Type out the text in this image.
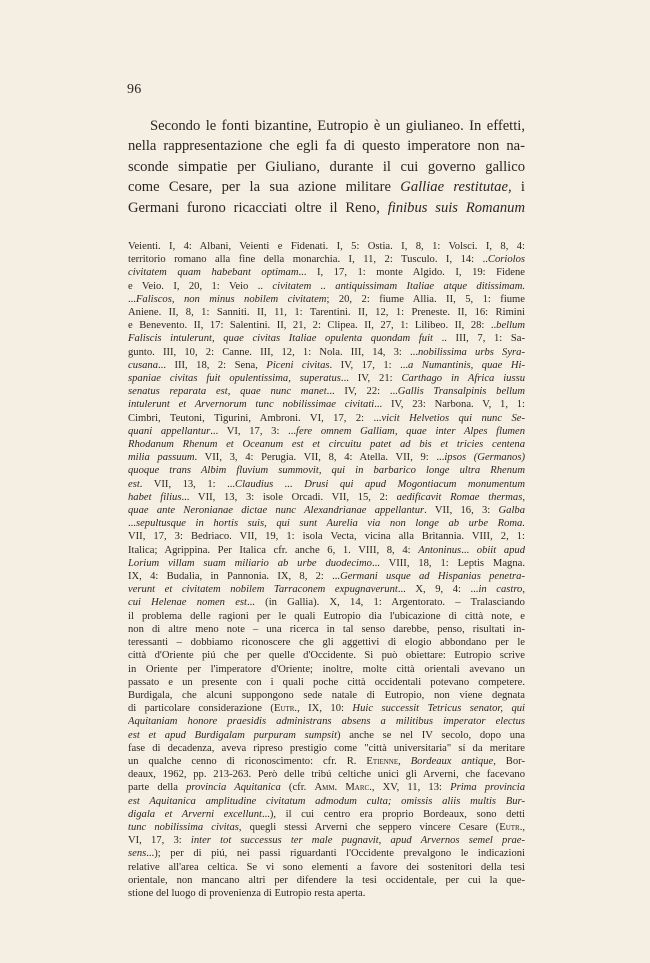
96
Secondo le fonti bizantine, Eutropio è un giulianeo. In effetti,
nella rappresentazione che egli fa di questo imperatore non na-
sconde simpatie per Giuliano, durante il cui governo gallico
come Cesare, per la sua azione militare Galliae restitutae, i
Germani furono ricacciati oltre il Reno, finibus suis Romanum
Veienti. I, 4: Albani, Veienti e Fidenati. I, 5: Ostia. I, 8, 1: Volsci. I, 8, 4:
territorio romano alla fine della monarchia. I, 11, 2: Tusculo. I, 14: ..Coriolos
civitatem quam habebant optimam... I, 17, 1: monte Algido. I, 19: Fidene
e Veio. I, 20, 1: Veio .. civitatem .. antiquissimam Italiae atque ditissimam.
...Faliscos, non minus nobilem civitatem; 20, 2: fiume Allia. II, 5, 1: fiume
Aniene. II, 8, 1: Sanniti. II, 11, 1: Tarentini. II, 12, 1: Preneste. II, 16: Rimini
e Benevento. II, 17: Salentini. II, 21, 2: Clipea. II, 27, 1: Lilibeo. II, 28: ..bellum
Faliscis intulerunt, quae civitas Italiae opulenta quondam fuit .. III, 7, 1: Sa-
gunto. III, 10, 2: Canne. III, 12, 1: Nola. III, 14, 3: ...nobilissima urbs Syra-
cusana... III, 18, 2: Sena, Piceni civitas. IV, 17, 1: ...a Numantinis, quae Hi-
spaniae civitas fuit opulentissima, superatus... IV, 21: Carthago in Africa iussu
senatus reparata est, quae nunc manet... IV, 22: ...Gallis Transalpinis bellum
intulerunt et Arvernorum tunc nobilissimae civitati... IV, 23: Narbona. V, 1, 1:
Cimbri, Teutoni, Tigurini, Ambroni. VI, 17, 2: ...vicit Helvetios qui nunc Se-
quani appellantur... VI, 17, 3: ...fere omnem Galliam, quae inter Alpes flumen
Rhodanum Rhenum et Oceanum est et circuitu patet ad bis et tricies centena
milia passuum. VII, 3, 4: Perugia. VII, 8, 4: Atella. VII, 9: ...ipsos (Germanos)
quoque trans Albim fluvium summovit, qui in barbarico longe ultra Rhenum
est. VII, 13, 1: ...Claudius ... Drusi qui apud Mogontiacum monumentum
habet filius... VII, 13, 3: isole Orcadi. VII, 15, 2: aedificavit Romae thermas,
quae ante Neronianae dictae nunc Alexandrianae appellantur. VII, 16, 3: Galba
...sepultusque in hortis suis, qui sunt Aurelia via non longe ab urbe Roma.
VII, 17, 3: Bedriaco. VII, 19, 1: isola Vecta, vicina alla Britannia. VIII, 2, 1:
Italica; Agrippina. Per Italica cfr. anche 6, 1. VIII, 8, 4: Antoninus... obiit apud
Lorium villam suam miliario ab urbe duodecimo... VIII, 18, 1: Leptis Magna.
IX, 4: Budalia, in Pannonia. IX, 8, 2: ...Germani usque ad Hispanias penetra-
verunt et civitatem nobilem Tarraconem expugnaverunt... X, 9, 4: ...in castro,
cui Helenae nomen est... (in Gallia). X, 14, 1: Argentorato. – Tralasciando
il problema delle ragioni per le quali Eutropio dia l'ubicazione di città note, e
non di altre meno note – una ricerca in tal senso darebbe, penso, risultati in-
teressanti – dobbiamo riconoscere che gli aggettivi di elogio abbondano per le
città d'Oriente piú che per quelle d'Occidente. Si può obiettare: Eutropio scrive
in Oriente per l'imperatore d'Oriente; inoltre, molte città orientali avevano un
passato e un presente con i quali poche città occidentali potevano competere.
Burdigala, che alcuni suppongono sede natale di Eutropio, non viene degnata
di particolare considerazione (Eutr., IX, 10: Huic successit Tetricus senator, qui
Aquitaniam honore praesidis administrans absens a militibus imperator electus
est et apud Burdigalam purpuram sumpsit) anche se nel IV secolo, dopo una
fase di decadenza, aveva ripreso prestigio come "città universitaria" sí da meritare
un qualche cenno di riconoscimento: cfr. R. Etienne, Bordeaux antique, Bor-
deaux, 1962, pp. 213-263. Però delle tribú celtiche unici gli Arverni, che facevano
parte della provincia Aquitanica (cfr. Amm. Marc., XV, 11, 13: Prima provincia
est Aquitanica amplitudine civitatum admodum culta; omissis aliis multis Bur-
digala et Arverni excellunt...), il cui centro era proprio Bordeaux, sono detti
tunc nobilissima civitas, quegli stessi Arverni che seppero vincere Cesare (Eutr.,
VI, 17, 3: inter tot successus ter male pugnavit, apud Arvernos semel prae-
sens...); per di piú, nei passi riguardanti l'Occidente prevalgono le indicazioni
relative all'area celtica. Se vi sono elementi a favore dei sostenitori della tesi
orientale, non mancano altri per difendere la tesi occidentale, per cui la que-
stione del luogo di provenienza di Eutropio resta aperta.
